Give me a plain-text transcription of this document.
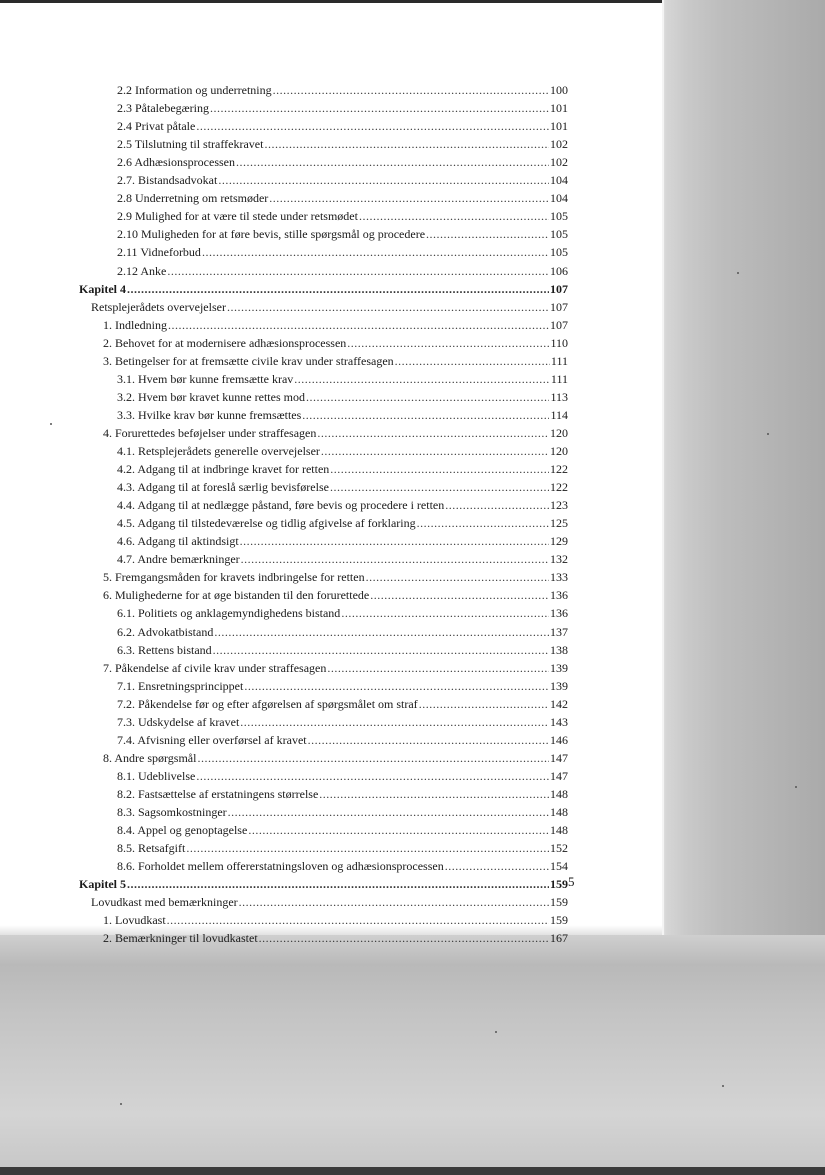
2.2 Information og underretning .....	100
2.3 Påtalebegæring .....	101
2.4 Privat påtale .....	101
2.5 Tilslutning til straffekravet .....	102
2.6 Adhæsionsprocessen .....	102
2.7. Bistandsadvokat .....	104
2.8 Underretning om retsmøder .....	104
2.9 Mulighed for at være til stede under retsmødet .....	105
2.10 Muligheden for at føre bevis, stille spørgsmål og procedere .....	105
2.11 Vidneforbud .....	105
2.12 Anke .....	106
Kapitel 4 .....	107
Retsplejerådets overvejelser .....	107
1. Indledning .....	107
2. Behovet for at modernisere adhæsionsprocessen .....	110
3. Betingelser for at fremsætte civile krav under straffesagen .....	111
3.1. Hvem bør kunne fremsætte krav .....	111
3.2. Hvem bør kravet kunne rettes mod .....	113
3.3. Hvilke krav bør kunne fremsættes .....	114
4. Forurettedes beføjelser under straffesagen .....	120
4.1. Retsplejerådets generelle overvejelser .....	120
4.2. Adgang til at indbringe kravet for retten .....	122
4.3. Adgang til at foreslå særlig bevisførelse .....	122
4.4. Adgang til at nedlægge påstand, føre bevis og procedere i retten .....	123
4.5. Adgang til tilstedeværelse og tidlig afgivelse af forklaring .....	125
4.6. Adgang til aktindsigt .....	129
4.7. Andre bemærkninger .....	132
5. Fremgangsmåden for kravets indbringelse for retten .....	133
6. Mulighederne for at øge bistanden til den forurettede .....	136
6.1. Politiets og anklagemyndighedens bistand .....	136
6.2. Advokatbistand .....	137
6.3. Rettens bistand .....	138
7. Påkendelse af civile krav under straffesagen .....	139
7.1. Ensretningsprincippet .....	139
7.2. Påkendelse før og efter afgørelsen af spørgsmålet om straf .....	142
7.3. Udskydelse af kravet .....	143
7.4. Afvisning eller overførsel af kravet .....	146
8. Andre spørgsmål .....	147
8.1. Udeblivelse .....	147
8.2. Fastsættelse af erstatningens størrelse .....	148
8.3. Sagsomkostninger .....	148
8.4. Appel og genoptagelse .....	148
8.5. Retsafgift .....	152
8.6. Forholdet mellem offererstatningsloven og adhæsionsprocessen .....	154
Kapitel 5 .....	159
Lovudkast med bemærkninger .....	159
1. Lovudkast .....	159
2. Bemærkninger til lovudkastet .....	167
5
